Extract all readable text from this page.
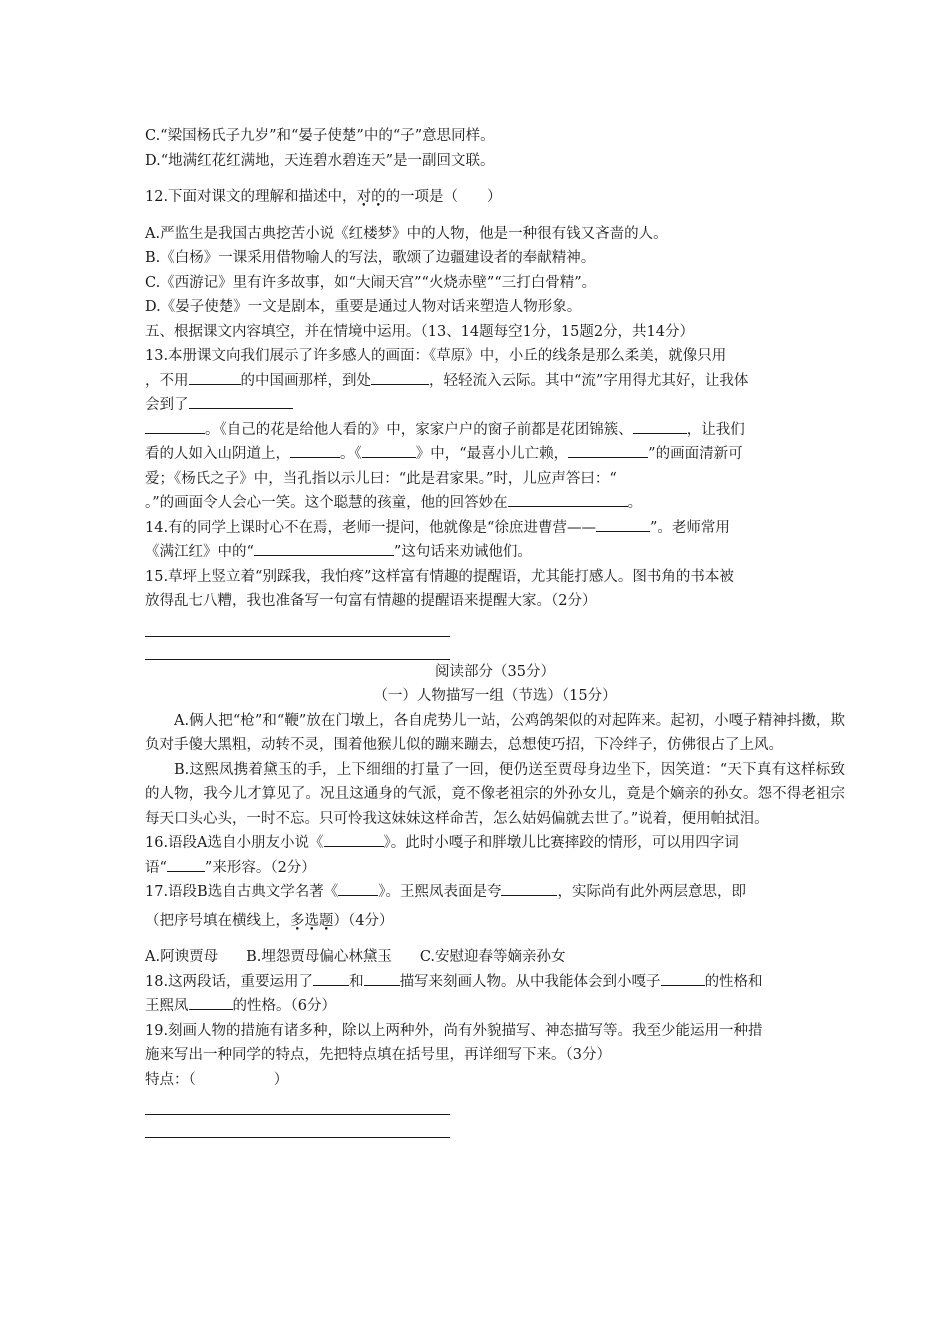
C.“梁国杨氏子九岁”和“晏子使楚”中的“子”意思同样。

D.“地满红花红满地，天连碧水碧连天”是一副回文联。

12.下面对课文的理解和描述中，对的的一项是（　　）

A.严监生是我国古典挖苦小说《红楼梦》中的人物，他是一种很有钱又吝啬的人。

B.《白杨》一课采用借物喻人的写法，歌颂了边疆建设者的奉献精神。

C.《西游记》里有许多故事，如“大闹天宫”“火烧赤壁”“三打白骨精”。

D.《晏子使楚》一文是剧本，重要是通过人物对话来塑造人物形象。

五、根据课文内容填空，并在情境中运用。（13、14题每空1分，15题2分，共14分）

13.本册课文向我们展示了许多感人的画面：《草原》中，小丘的线条是那么柔美，就像只用

，不用	的中国画那样，到处	，轻轻流入云际。其中“流”字用得尤其好，让我体

会到了

。《自己的花是给他人看的》中，家家户户的窗子前都是花团锦簇、	，让我们

看的人如入山阴道上，	。《	》中，“最喜小儿亡赖，	”的画面清新可

爱；《杨氏之子》中，当孔指以示儿曰：“此是君家果。”时，儿应声答曰：“

。”的画面令人会心一笑。这个聪慧的孩童，他的回答妙在	。

14.有的同学上课时心不在焉，老师一提问，他就像是“徐庶进曹营——	”。老师常用

《满江红》中的“	”这句话来劝诫他们。

15.草坪上竖立着“别踩我，我怕疼”这样富有情趣的提醒语，尤其能打感人。图书角的书本被

放得乱七八糟，我也准备写一句富有情趣的提醒语来提醒大家。（2分）

阅读部分（35分）

（一）人物描写一组（节选）（15分）

A.俩人把“枪”和“鞭”放在门墩上，各自虎势儿一站，公鸡鸽架似的对起阵来。起初，小嘎子精神抖擞，欺负对手傻大黑粗，动转不灵，围着他猴儿似的蹦来蹦去，总想使巧招，下冷绊子，仿佛很占了上风。

B.这熙凤携着黛玉的手，上下细细的打量了一回，便仍送至贾母身边坐下，因笑道：“天下真有这样标致的人物，我今儿才算见了。况且这通身的气派，竟不像老祖宗的外孙女儿，竟是个嫡亲的孙女。怨不得老祖宗每天口头心头，一时不忘。只可怜我这妹妹这样命苦，怎么姑妈偏就去世了。”说着，便用帕拭泪。

16.语段A选自小朋友小说《	》。此时小嘎子和胖墩儿比赛摔跤的情形，可以用四字词

语“	”来形容。（2分）

17.语段B选自古典文学名著《	》。王熙凤表面是夸	，实际尚有此外两层意思，即

（把序号填在横线上，多选题）（4分）

A.阿谀贾母 B.埋怨贾母偏心林黛玉 C.安慰迎春等嫡亲孙女

18.这两段话，重要运用了 和 描写来刻画人物。从中我能体会到小嘎子	的性格和

王熙凤	的性格。（6分）

19.刻画人物的措施有诸多种，除以上两种外，尚有外貌描写、神态描写等。我至少能运用一种措

施来写出一种同学的特点，先把特点填在括号里，再详细写下来。（3分）

特点：（	）
